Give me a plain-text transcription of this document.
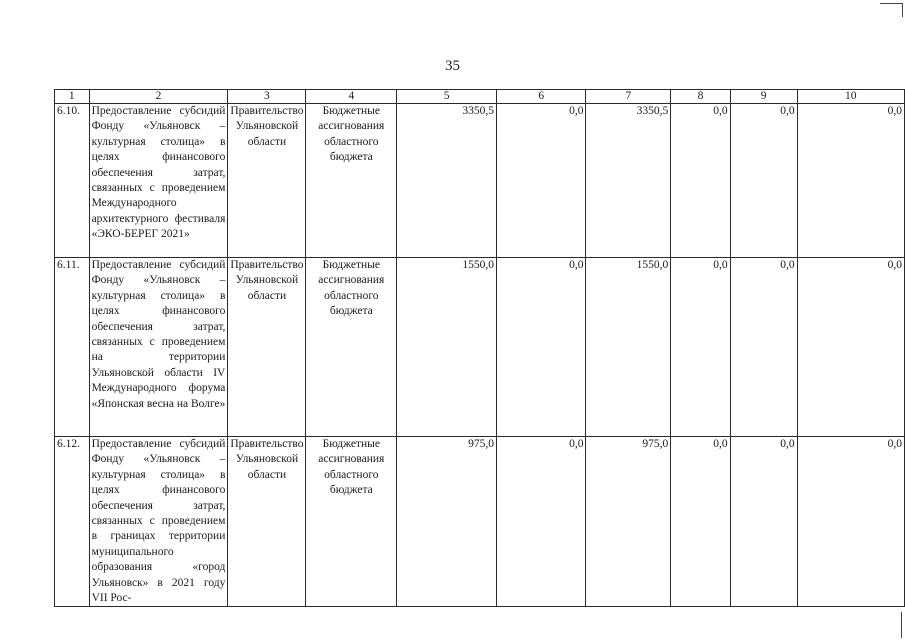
35
1	2	3	4	5	6	7	8	9	10
6.10.	Предоставление субсидий Фонду «Ульяновск – культурная столица» в целях финансового обеспечения затрат, связанных с проведением Международного архитектурного фестиваля «ЭКО-БЕРЕГ 2021»	Правительство Ульяновской области	Бюджетные ассигнования областного бюджета	3350,5	0,0	3350,5	0,0	0,0	0,0
6.11.	Предоставление субсидий Фонду «Ульяновск – культурная столица» в целях финансового обеспечения затрат, связанных с проведением на территории Ульяновской области IV Международного форума «Японская весна на Волге»	Правительство Ульяновской области	Бюджетные ассигнования областного бюджета	1550,0	0,0	1550,0	0,0	0,0	0,0
6.12.	Предоставление субсидий Фонду «Ульяновск – культурная столица» в целях финансового обеспечения затрат, связанных с проведением в границах территории муниципального образования «город Ульяновск» в 2021 году VII Рос-	Правительство Ульяновской области	Бюджетные ассигнования областного бюджета	975,0	0,0	975,0	0,0	0,0	0,0
